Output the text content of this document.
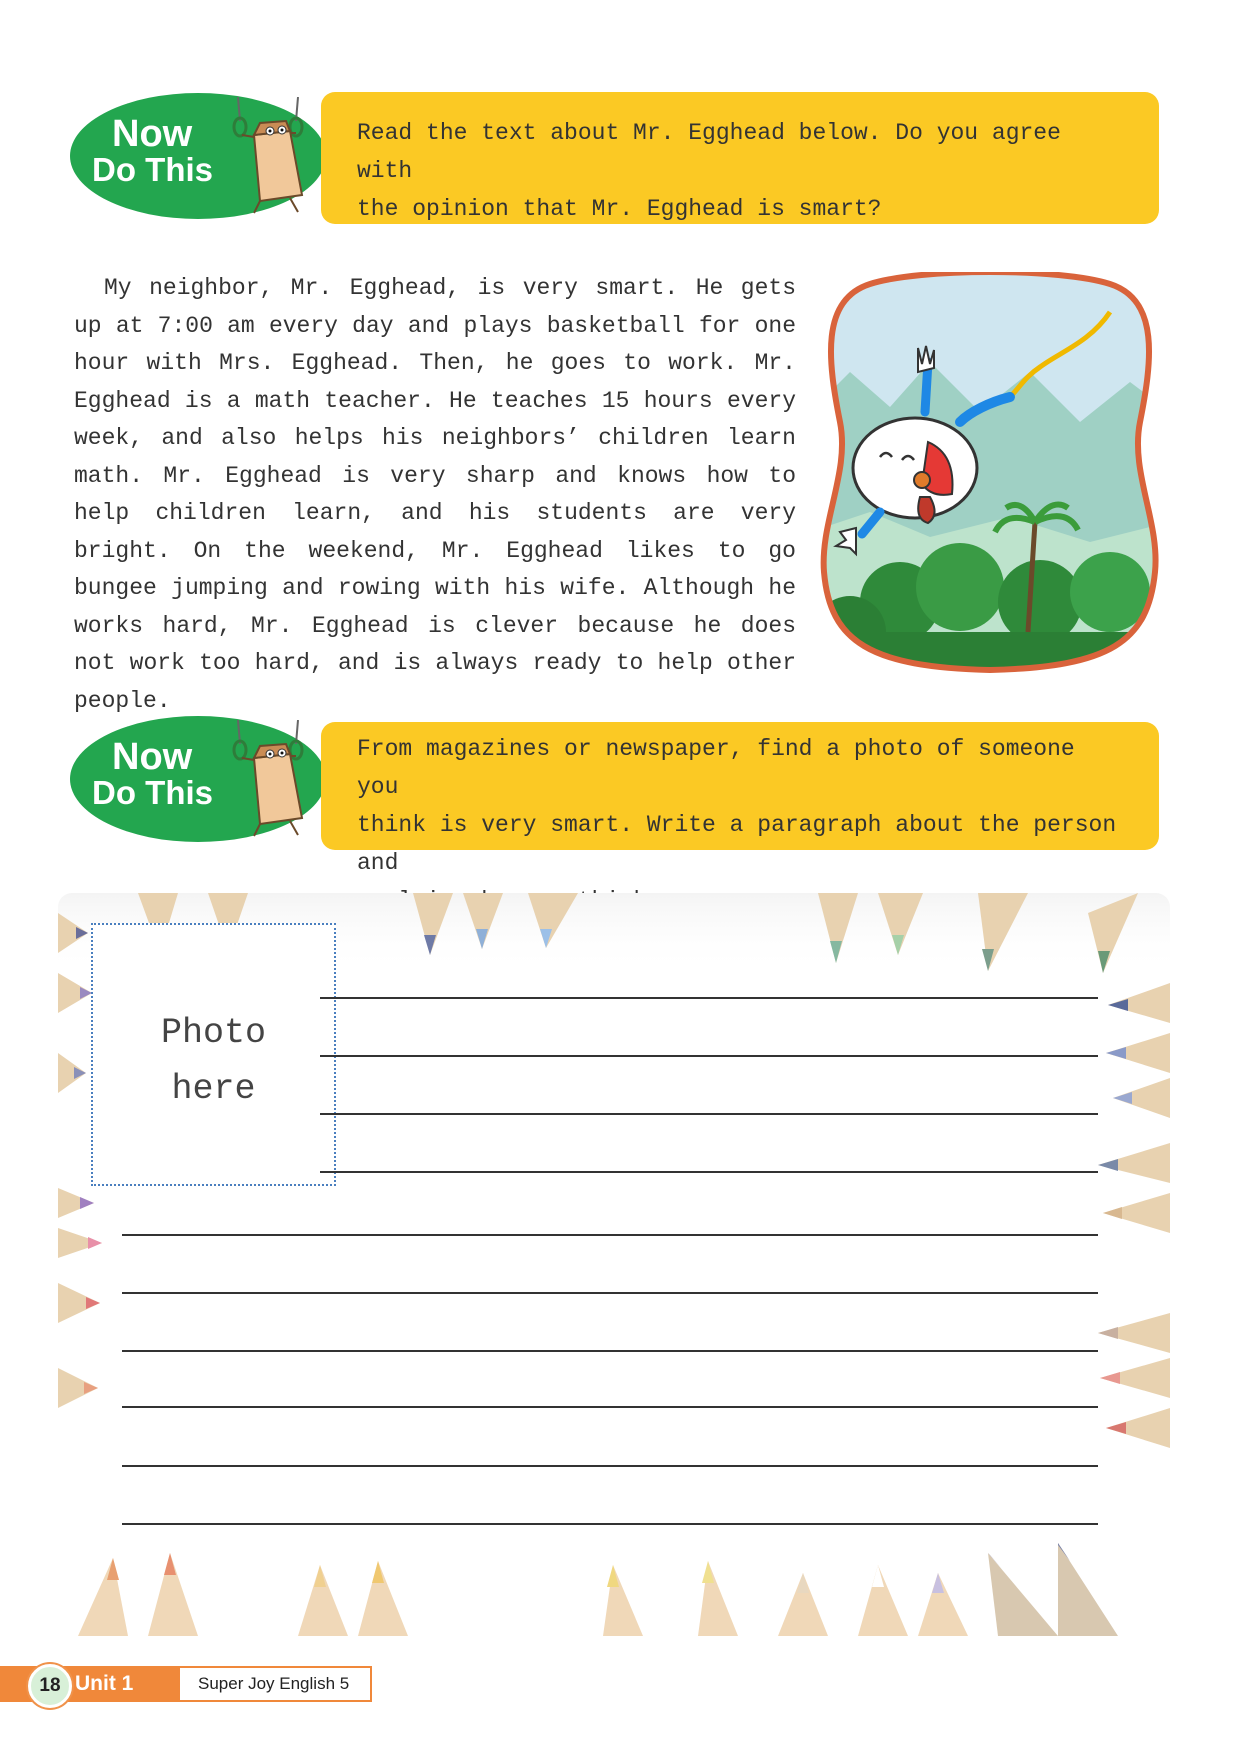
Now
Do This

Read the text about Mr. Egghead below. Do you agree with

the opinion that Mr. Egghead is smart?

My neighbor, Mr. Egghead, is very smart. He gets up at 7:00 am every day and plays basketball for one hour with Mrs. Egghead. Then, he goes to work. Mr. Egghead is a math teacher. He teaches 15 hours every week, and also helps his neighbors’ children learn math. Mr. Egghead is very sharp and knows how to help children learn, and his students are very bright. On the weekend, Mr. Egghead likes to go bungee jumping and rowing with his wife. Although he works hard, Mr. Egghead is clever because he does not work too hard, and is always ready to help other people.

Now
Do This

From magazines or newspaper, find a photo of someone you

think is very smart. Write a paragraph about the person and

Photo
here
Unit 1
18	Super Joy English 5
